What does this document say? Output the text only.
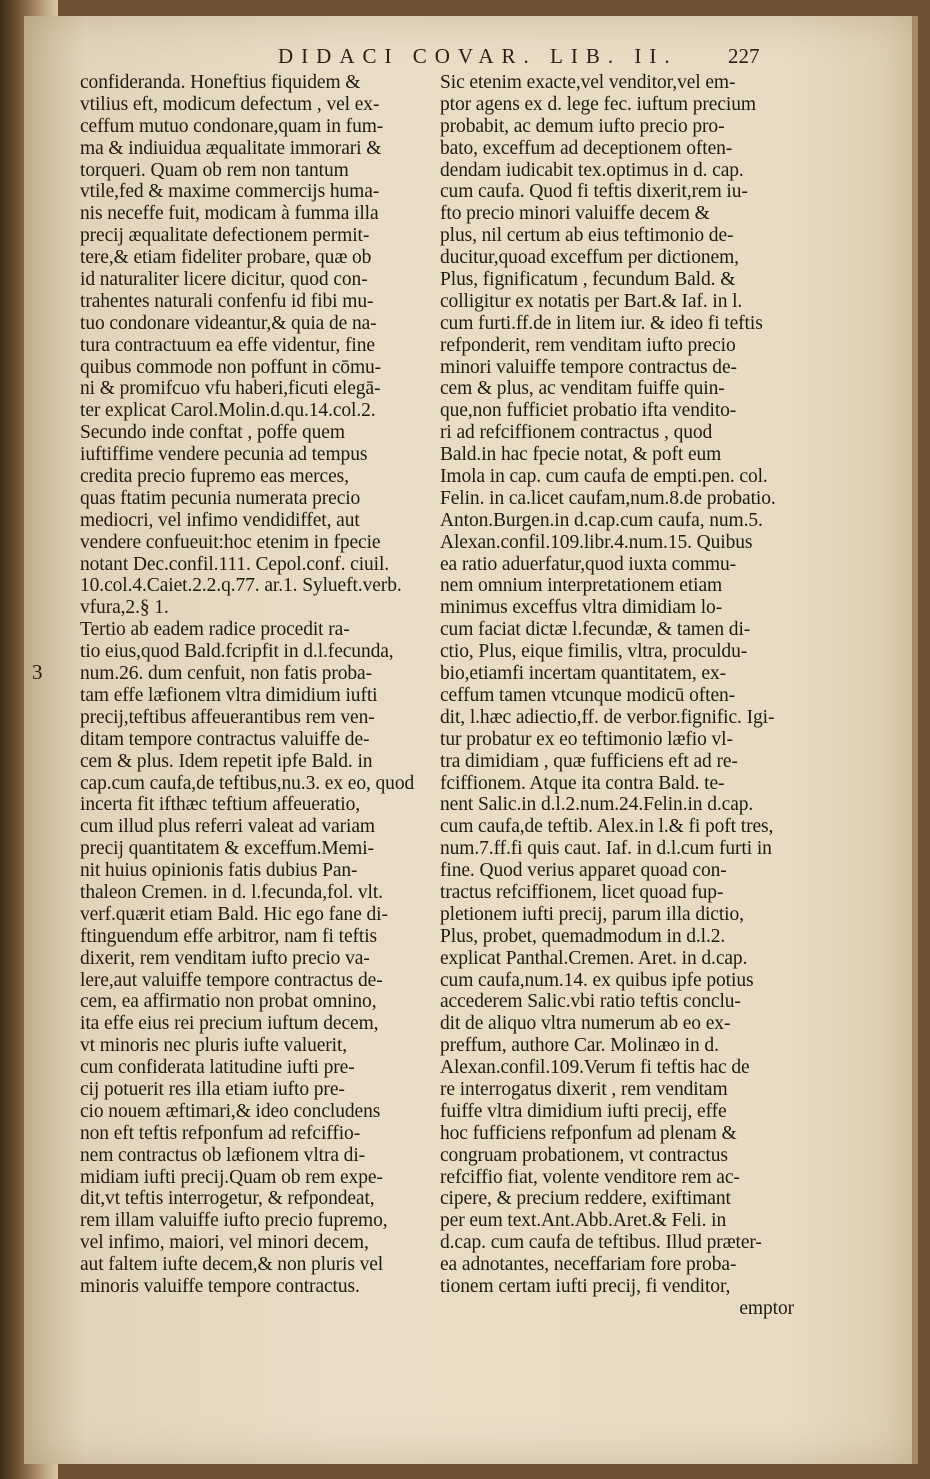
DIDACI COVAR. LIB. II. 227
3
confideranda. Honeftius fiquidem &
vtilius eft, modicum defectum , vel ex-
ceffum mutuo condonare,quam in fum-
ma & indiuidua æqualitate immorari &
torqueri. Quam ob rem non tantum
vtile,fed & maxime commercijs huma-
nis neceffe fuit, modicam à fumma illa
precij æqualitate defectionem permit-
tere,& etiam fideliter probare, quæ ob
id naturaliter licere dicitur, quod con-
trahentes naturali confenfu id fibi mu-
tuo condonare videantur,& quia de na-
tura contractuum ea effe videntur, fine
quibus commode non poffunt in cōmu-
ni & promifcuo vfu haberi,ficuti elegā-
ter explicat Carol.Molin.d.qu.14.col.2.
Secundo inde conftat , poffe quem
iuftiffime vendere pecunia ad tempus
credita precio fupremo eas merces,
quas ftatim pecunia numerata precio
mediocri, vel infimo vendidiffet, aut
vendere confueuit:hoc etenim in fpecie
notant Dec.confil.111. Cepol.conf. ciuil.
10.col.4.Caiet.2.2.q.77. ar.1. Sylueft.verb.
vfura,2.§ 1.
Tertio ab eadem radice procedit ra-
tio eius,quod Bald.fcripfit in d.l.fecunda,
num.26. dum cenfuit, non fatis proba-
tam effe læfionem vltra dimidium iufti
precij,teftibus affeuerantibus rem ven-
ditam tempore contractus valuiffe de-
cem & plus. Idem repetit ipfe Bald. in
cap.cum caufa,de teftibus,nu.3. ex eo, quod
incerta fit ifthæc teftium affeueratio,
cum illud plus referri valeat ad variam
precij quantitatem & exceffum.Memi-
nit huius opinionis fatis dubius Pan-
thaleon Cremen. in d. l.fecunda,fol. vlt.
verf.quærit etiam Bald. Hic ego fane di-
ftinguendum effe arbitror, nam fi teftis
dixerit, rem venditam iufto precio va-
lere,aut valuiffe tempore contractus de-
cem, ea affirmatio non probat omnino,
ita effe eius rei precium iuftum decem,
vt minoris nec pluris iufte valuerit,
cum confiderata latitudine iufti pre-
cij potuerit res illa etiam iufto pre-
cio nouem æftimari,& ideo concludens
non eft teftis refponfum ad refciffio-
nem contractus ob læfionem vltra di-
midiam iufti precij.Quam ob rem expe-
dit,vt teftis interrogetur, & refpondeat,
rem illam valuiffe iufto precio fupremo,
vel infimo, maiori, vel minori decem,
aut faltem iufte decem,& non pluris vel
minoris valuiffe tempore contractus.
Sic etenim exacte,vel venditor,vel em-
ptor agens ex d. lege fec. iuftum precium
probabit, ac demum iufto precio pro-
bato, exceffum ad deceptionem often-
dendam iudicabit tex.optimus in d. cap.
cum caufa. Quod fi teftis dixerit,rem iu-
fto precio minori valuiffe decem &
plus, nil certum ab eius teftimonio de-
ducitur,quoad exceffum per dictionem,
Plus, fignificatum , fecundum Bald. &
colligitur ex notatis per Bart.& Iaf. in l.
cum furti.ff.de in litem iur. & ideo fi teftis
refponderit, rem venditam iufto precio
minori valuiffe tempore contractus de-
cem & plus, ac venditam fuiffe quin-
que,non fufficiet probatio ifta vendito-
ri ad refciffionem contractus , quod
Bald.in hac fpecie notat, & poft eum
Imola in cap. cum caufa de empti.pen. col.
Felin. in ca.licet caufam,num.8.de probatio.
Anton.Burgen.in d.cap.cum caufa, num.5.
Alexan.confil.109.libr.4.num.15. Quibus
ea ratio aduerfatur,quod iuxta commu-
nem omnium interpretationem etiam
minimus exceffus vltra dimidiam lo-
cum faciat dictæ l.fecundæ, & tamen di-
ctio, Plus, eique fimilis, vltra, proculdu-
bio,etiamfi incertam quantitatem, ex-
ceffum tamen vtcunque modicū often-
dit, l.hæc adiectio,ff. de verbor.fignific. Igi-
tur probatur ex eo teftimonio læfio vl-
tra dimidiam , quæ fufficiens eft ad re-
fciffionem. Atque ita contra Bald. te-
nent Salic.in d.l.2.num.24.Felin.in d.cap.
cum caufa,de teftib. Alex.in l.& fi poft tres,
num.7.ff.fi quis caut. Iaf. in d.l.cum furti in
fine. Quod verius apparet quoad con-
tractus refciffionem, licet quoad fup-
pletionem iufti precij, parum illa dictio,
Plus, probet, quemadmodum in d.l.2.
explicat Panthal.Cremen. Aret. in d.cap.
cum caufa,num.14. ex quibus ipfe potius
accederem Salic.vbi ratio teftis conclu-
dit de aliquo vltra numerum ab eo ex-
preffum, authore Car. Molinæo in d.
Alexan.confil.109.Verum fi teftis hac de
re interrogatus dixerit , rem venditam
fuiffe vltra dimidium iufti precij, effe
hoc fufficiens refponfum ad plenam &
congruam probationem, vt contractus
refciffio fiat, volente venditore rem ac-
cipere, & precium reddere, exiftimant
per eum text.Ant.Abb.Aret.& Feli. in
d.cap. cum caufa de teftibus. Illud præter-
ea adnotantes, neceffariam fore proba-
tionem certam iufti precij, fi venditor,
emptor
